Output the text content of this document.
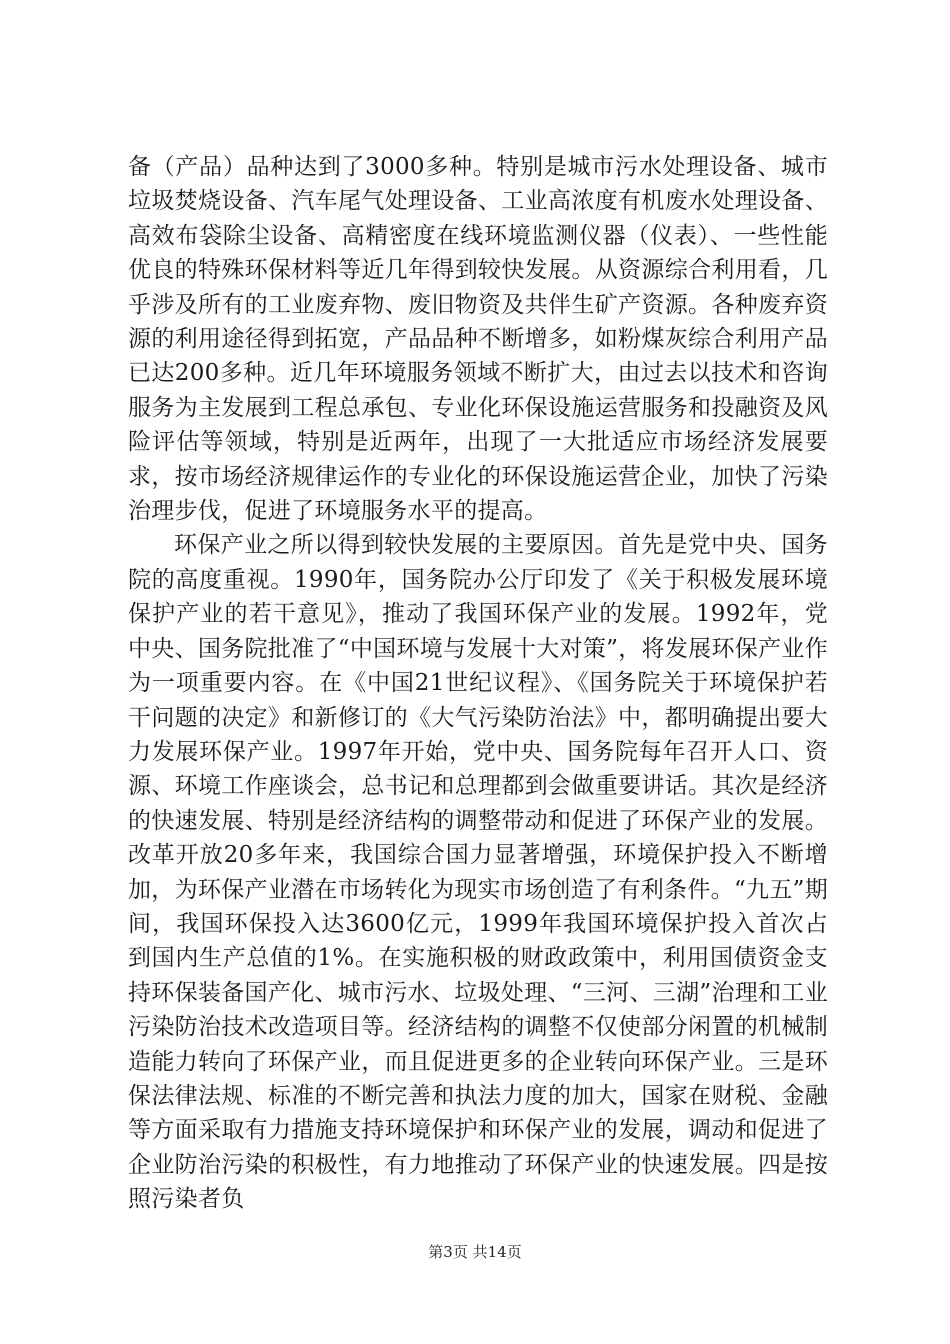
备（产品）品种达到了3000多种。特别是城市污水处理设备、城市垃圾焚烧设备、汽车尾气处理设备、工业高浓度有机废水处理设备、高效布袋除尘设备、高精密度在线环境监测仪器（仪表）、一些性能优良的特殊环保材料等近几年得到较快发展。从资源综合利用看，几乎涉及所有的工业废弃物、废旧物资及共伴生矿产资源。各种废弃资源的利用途径得到拓宽，产品品种不断增多，如粉煤灰综合利用产品已达200多种。近几年环境服务领域不断扩大，由过去以技术和咨询服务为主发展到工程总承包、专业化环保设施运营服务和投融资及风险评估等领域，特别是近两年，出现了一大批适应市场经济发展要求，按市场经济规律运作的专业化的环保设施运营企业，加快了污染治理步伐，促进了环境服务水平的提高。

环保产业之所以得到较快发展的主要原因。首先是党中央、国务院的高度重视。1990年，国务院办公厅印发了《关于积极发展环境保护产业的若干意见》，推动了我国环保产业的发展。1992年，党中央、国务院批准了“中国环境与发展十大对策”，将发展环保产业作为一项重要内容。在《中国21世纪议程》、《国务院关于环境保护若干问题的决定》和新修订的《大气污染防治法》中，都明确提出要大力发展环保产业。1997年开始，党中央、国务院每年召开人口、资源、环境工作座谈会，总书记和总理都到会做重要讲话。其次是经济的快速发展、特别是经济结构的调整带动和促进了环保产业的发展。改革开放20多年来，我国综合国力显著增强，环境保护投入不断增加，为环保产业潜在市场转化为现实市场创造了有利条件。“九五”期间，我国环保投入达3600亿元，1999年我国环境保护投入首次占到国内生产总值的1%。在实施积极的财政政策中，利用国债资金支持环保装备国产化、城市污水、垃圾处理、“三河、三湖”治理和工业污染防治技术改造项目等。经济结构的调整不仅使部分闲置的机械制造能力转向了环保产业，而且促进更多的企业转向环保产业。三是环保法律法规、标准的不断完善和执法力度的加大，国家在财税、金融等方面采取有力措施支持环境保护和环保产业的发展，调动和促进了企业防治污染的积极性，有力地推动了环保产业的快速发展。四是按照污染者负

第3页 共14页
